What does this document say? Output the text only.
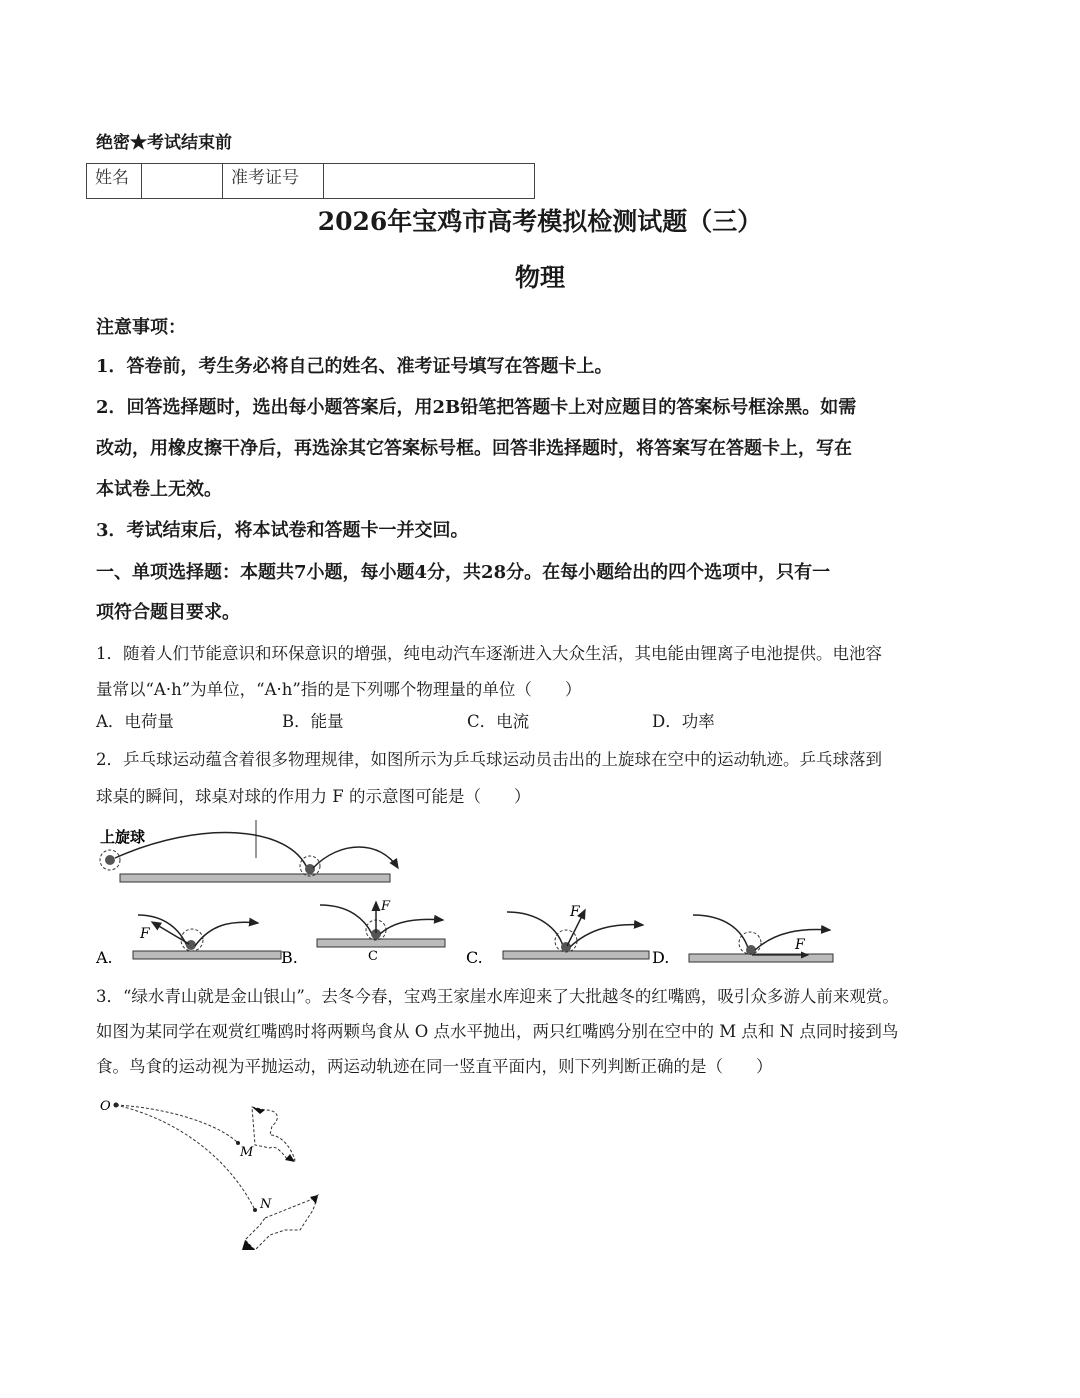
绝密★考试结束前
姓名		准考证号	
2026年宝鸡市高考模拟检测试题（三）
物理
注意事项：
1．答卷前，考生务必将自己的姓名、准考证号填写在答题卡上。
2．回答选择题时，选出每小题答案后，用2B铅笔把答题卡上对应题目的答案标号框涂黑。如需
改动，用橡皮擦干净后，再选涂其它答案标号框。回答非选择题时，将答案写在答题卡上，写在
本试卷上无效。
3．考试结束后，将本试卷和答题卡一并交回。
一、单项选择题：本题共7小题，每小题4分，共28分。在每小题给出的四个选项中，只有一
项符合题目要求。
1．随着人们节能意识和环保意识的增强，纯电动汽车逐渐进入大众生活，其电能由锂离子电池提供。电池容
量常以“A·h”为单位，“A·h”指的是下列哪个物理量的单位（　　）
A．电荷量	B．能量	C．电流	D．功率
2．乒乓球运动蕴含着很多物理规律，如图所示为乒乓球运动员击出的上旋球在空中的运动轨迹。乒乓球落到
球桌的瞬间，球桌对球的作用力 F 的示意图可能是（　　）
上旋球
A.
F
B.
F
C	C.
F
D.
F
3．“绿水青山就是金山银山”。去冬今春，宝鸡王家崖水库迎来了大批越冬的红嘴鸥，吸引众多游人前来观赏。
如图为某同学在观赏红嘴鸥时将两颗鸟食从 O 点水平抛出，两只红嘴鸥分别在空中的 M 点和 N 点同时接到鸟
食。鸟食的运动视为平抛运动，两运动轨迹在同一竖直平面内，则下列判断正确的是（　　）
O
M
N
